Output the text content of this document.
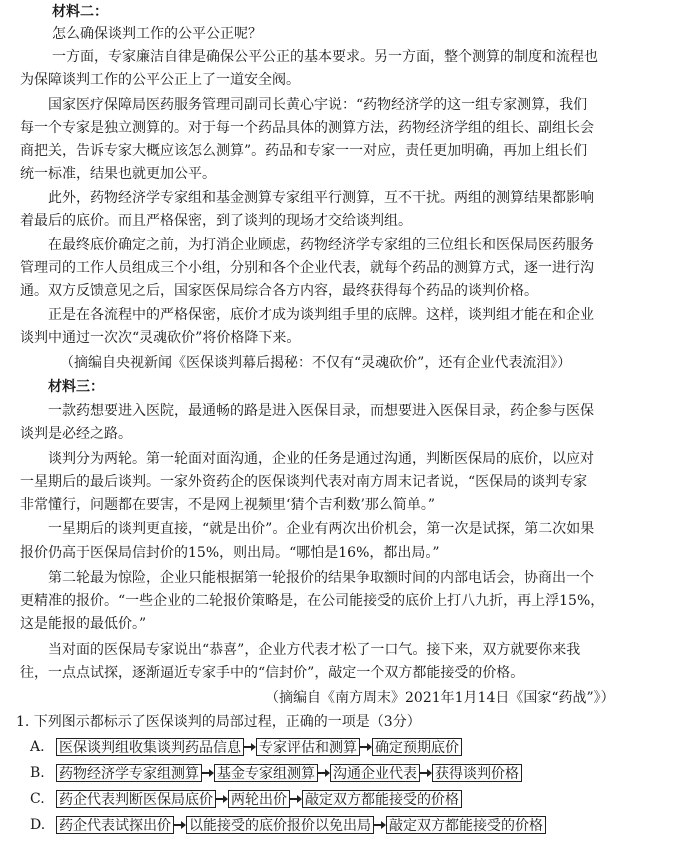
材料二：
怎么确保谈判工作的公平公正呢？
一方面，专家廉洁自律是确保公平公正的基本要求。另一方面，整个测算的制度和流程也
为保障谈判工作的公平公正上了一道安全阀。
国家医疗保障局医药服务管理司副司长黄心宇说：“药物经济学的这一组专家测算，我们
每一个专家是独立测算的。对于每一个药品具体的测算方法，药物经济学组的组长、副组长会
商把关，告诉专家大概应该怎么测算”。药品和专家一一对应，责任更加明确，再加上组长们
统一标准，结果也就更加公平。
此外，药物经济学专家组和基金测算专家组平行测算，互不干扰。两组的测算结果都影响
着最后的底价。而且严格保密，到了谈判的现场才交给谈判组。
在最终底价确定之前，为打消企业顾虑，药物经济学专家组的三位组长和医保局医药服务
管理司的工作人员组成三个小组，分别和各个企业代表，就每个药品的测算方式，逐一进行沟
通。双方反馈意见之后，国家医保局综合各方内容，最终获得每个药品的谈判价格。
正是在各流程中的严格保密，底价才成为谈判组手里的底牌。这样，谈判组才能在和企业
谈判中通过一次次“灵魂砍价”将价格降下来。
（摘编自央视新闻《医保谈判幕后揭秘：不仅有“灵魂砍价”，还有企业代表流泪》）
材料三：
一款药想要进入医院，最通畅的路是进入医保目录，而想要进入医保目录，药企参与医保
谈判是必经之路。
谈判分为两轮。第一轮面对面沟通，企业的任务是通过沟通，判断医保局的底价，以应对
一星期后的最后谈判。一家外资药企的医保谈判代表对南方周末记者说，“医保局的谈判专家
非常懂行，问题都在要害，不是网上视频里‘猜个吉利数’那么简单。”
一星期后的谈判更直接，“就是出价”。企业有两次出价机会，第一次是试探，第二次如果
报价仍高于医保局信封价的15%，则出局。“哪怕是16%，都出局。”
第二轮最为惊险，企业只能根据第一轮报价的结果争取额时间的内部电话会，协商出一个
更精准的报价。“一些企业的二轮报价策略是，在公司能接受的底价上打八九折，再上浮15%，
这是能报的最低价。”
当对面的医保局专家说出“恭喜”，企业方代表才松了一口气。接下来，双方就要你来我
往，一点点试探，逐渐逼近专家手中的“信封价”，敲定一个双方都能接受的价格。
（摘编自《南方周末》2021年1月14日《国家“药战”》）
1. 下列图示都标示了医保谈判的局部过程，正确的一项是（3分）
A.	医保谈判组收集谈判药品信息 专家评估和测算 确定预期底价
B.	药物经济学专家组测算 基金专家组测算 沟通企业代表 获得谈判价格
C.	药企代表判断医保局底价 两轮出价 敲定双方都能接受的价格
D. 药企代表试探出价 以能接受的底价报价以免出局 敲定双方都能接受的价格
